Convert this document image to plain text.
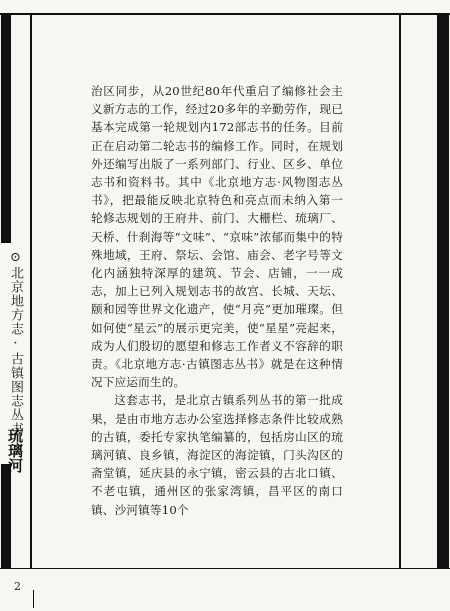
⊙北京地方志·古镇图志丛书
琉璃河

治区同步，从20世纪80年代重启了编修社会主义新方志的工作，经过20多年的辛勤劳作，现已基本完成第一轮规划内172部志书的任务。目前正在启动第二轮志书的编修工作。同时，在规划外还编写出版了一系列部门、行业、区乡、单位志书和资料书。其中《北京地方志·风物图志丛书》，把最能反映北京特色和亮点而未纳入第一轮修志规划的王府井、前门、大栅栏、琉璃厂、天桥、什刹海等“文味”、“京味”浓郁而集中的特殊地域，王府、祭坛、会馆、庙会、老字号等文化内涵独特深厚的建筑、节会、店铺，一一成志，加上已列入规划志书的故宫、长城、天坛、颐和园等世界文化遗产，使“月亮”更加璀璨。但如何使“星云”的展示更完美，使“星星”亮起来，成为人们殷切的愿望和修志工作者义不容辞的职责。《北京地方志·古镇图志丛书》就是在这种情况下应运而生的。

这套志书，是北京古镇系列丛书的第一批成果，是由市地方志办公室选择修志条件比较成熟的古镇，委托专家执笔编纂的，包括房山区的琉璃河镇、良乡镇，海淀区的海淀镇，门头沟区的斋堂镇，延庆县的永宁镇，密云县的古北口镇、不老屯镇，通州区的张家湾镇，昌平区的南口镇、沙河镇等10个

2
